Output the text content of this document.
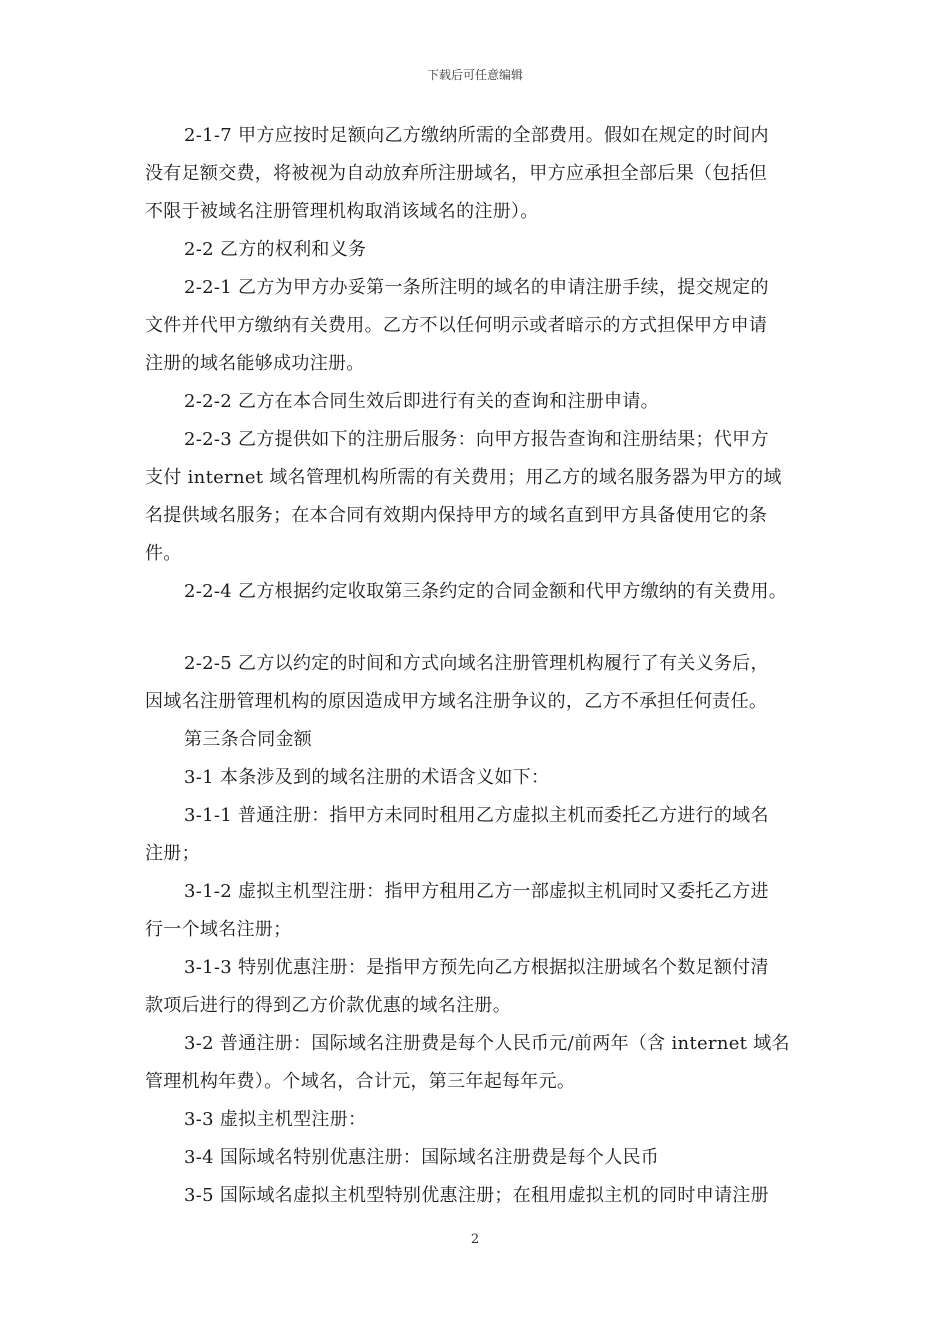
下载后可任意编辑
2-1-7 甲方应按时足额向乙方缴纳所需的全部费用。假如在规定的时间内
没有足额交费，将被视为自动放弃所注册域名，甲方应承担全部后果（包括但
不限于被域名注册管理机构取消该域名的注册）。
2-2 乙方的权利和义务
2-2-1 乙方为甲方办妥第一条所注明的域名的申请注册手续，提交规定的
文件并代甲方缴纳有关费用。乙方不以任何明示或者暗示的方式担保甲方申请
注册的域名能够成功注册。
2-2-2 乙方在本合同生效后即进行有关的查询和注册申请。
2-2-3 乙方提供如下的注册后服务：向甲方报告查询和注册结果；代甲方
支付 internet 域名管理机构所需的有关费用；用乙方的域名服务器为甲方的域
名提供域名服务；在本合同有效期内保持甲方的域名直到甲方具备使用它的条
件。
2-2-4 乙方根据约定收取第三条约定的合同金额和代甲方缴纳的有关费用。
2-2-5 乙方以约定的时间和方式向域名注册管理机构履行了有关义务后，
因域名注册管理机构的原因造成甲方域名注册争议的，乙方不承担任何责任。
第三条合同金额
3-1 本条涉及到的域名注册的术语含义如下：
3-1-1 普通注册：指甲方未同时租用乙方虚拟主机而委托乙方进行的域名
注册；
3-1-2 虚拟主机型注册：指甲方租用乙方一部虚拟主机同时又委托乙方进
行一个域名注册；
3-1-3 特别优惠注册：是指甲方预先向乙方根据拟注册域名个数足额付清
款项后进行的得到乙方价款优惠的域名注册。
3-2 普通注册：国际域名注册费是每个人民币元/前两年（含 internet 域名
管理机构年费）。个域名，合计元，第三年起每年元。
3-3 虚拟主机型注册：
3-4 国际域名特别优惠注册：国际域名注册费是每个人民币
3-5 国际域名虚拟主机型特别优惠注册；在租用虚拟主机的同时申请注册
2
